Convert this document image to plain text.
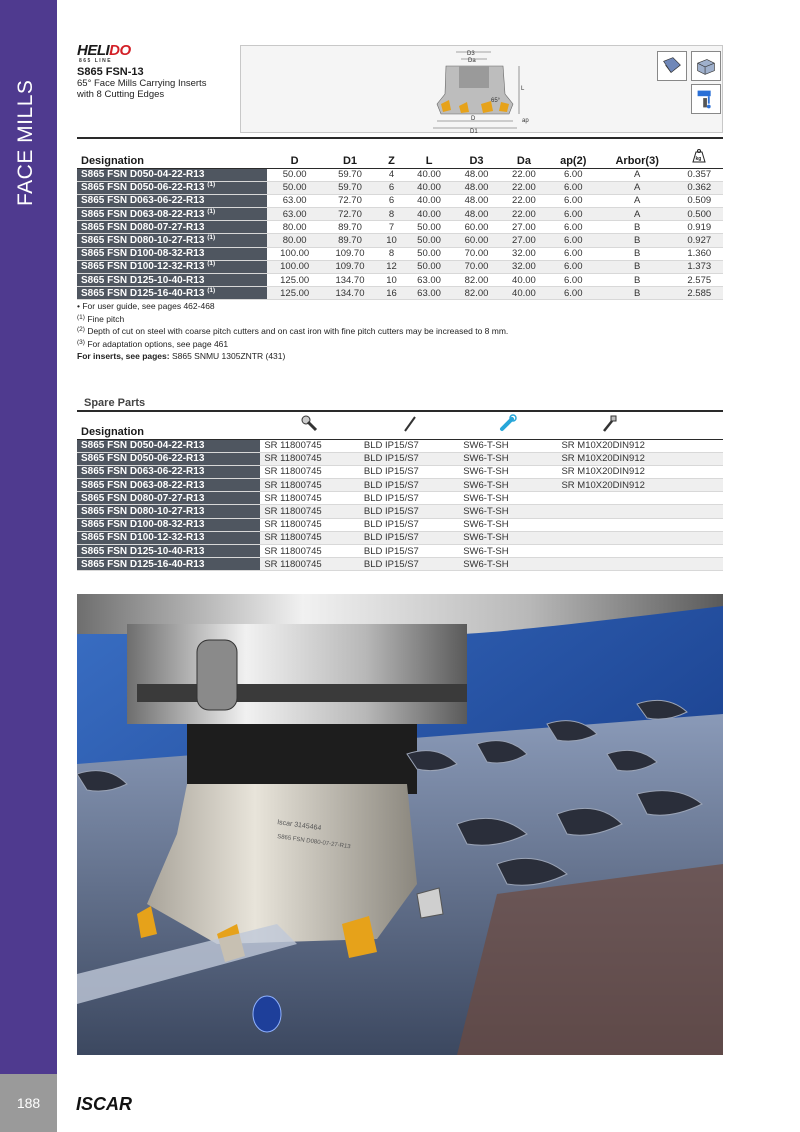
FACE MILLS
188	ISCAR
HELIDO
865 LINE
S865 FSN-13
65° Face Mills Carrying Inserts
with 8 Cutting Edges
D3
Da
L
65°
D
D1
ap
Designation	D	D1	Z	L	D3	Da	ap(2)	Arbor(3)	kg

S865 FSN D050-04-22-R13	50.00	59.70	4	40.00	48.00	22.00	6.00	A	0.357
S865 FSN D050-06-22-R13 $^{(1)}$	50.00	59.70	6	40.00	48.00	22.00	6.00	A	0.362
S865 FSN D063-06-22-R13	63.00	72.70	6	40.00	48.00	22.00	6.00	A	0.509
S865 FSN D063-08-22-R13 $^{(1)}$	63.00	72.70	8	40.00	48.00	22.00	6.00	A	0.500
S865 FSN D080-07-27-R13	80.00	89.70	7	50.00	60.00	27.00	6.00	B	0.919
S865 FSN D080-10-27-R13 $^{(1)}$	80.00	89.70	10	50.00	60.00	27.00	6.00	B	0.927
S865 FSN D100-08-32-R13	100.00	109.70	8	50.00	70.00	32.00	6.00	B	1.360
S865 FSN D100-12-32-R13 $^{(1)}$	100.00	109.70	12	50.00	70.00	32.00	6.00	B	1.373
S865 FSN D125-10-40-R13	125.00	134.70	10	63.00	82.00	40.00	6.00	B	2.575
S865 FSN D125-16-40-R13 $^{(1)}$	125.00	134.70	16	63.00	82.00	40.00	6.00	B	2.585
• For user guide, see pages 462-468
$^{(1)}$ Fine pitch
$^{(2)}$ Depth of cut on steel with coarse pitch cutters and on cast iron with fine pitch cutters may be increased to 8 mm.
$^{(3)}$ For adaptation options, see page 461
For inserts, see pages: S865 SNMU 1305ZNTR (431)
Spare Parts
Designation					
S865 FSN D050-04-22-R13	SR 11800745	BLD IP15/S7	SW6-T-SH	SR M10X20DIN912	
S865 FSN D050-06-22-R13	SR 11800745	BLD IP15/S7	SW6-T-SH	SR M10X20DIN912	
S865 FSN D063-06-22-R13	SR 11800745	BLD IP15/S7	SW6-T-SH	SR M10X20DIN912	
S865 FSN D063-08-22-R13	SR 11800745	BLD IP15/S7	SW6-T-SH	SR M10X20DIN912	
S865 FSN D080-07-27-R13	SR 11800745	BLD IP15/S7	SW6-T-SH		
S865 FSN D080-10-27-R13	SR 11800745	BLD IP15/S7	SW6-T-SH		
S865 FSN D100-08-32-R13	SR 11800745	BLD IP15/S7	SW6-T-SH		
S865 FSN D100-12-32-R13	SR 11800745	BLD IP15/S7	SW6-T-SH		
S865 FSN D125-10-40-R13	SR 11800745	BLD IP15/S7	SW6-T-SH		
S865 FSN D125-16-40-R13	SR 11800745	BLD IP15/S7	SW6-T-SH		
Iscar 3145464
S865 FSN D080-07-27-R13
